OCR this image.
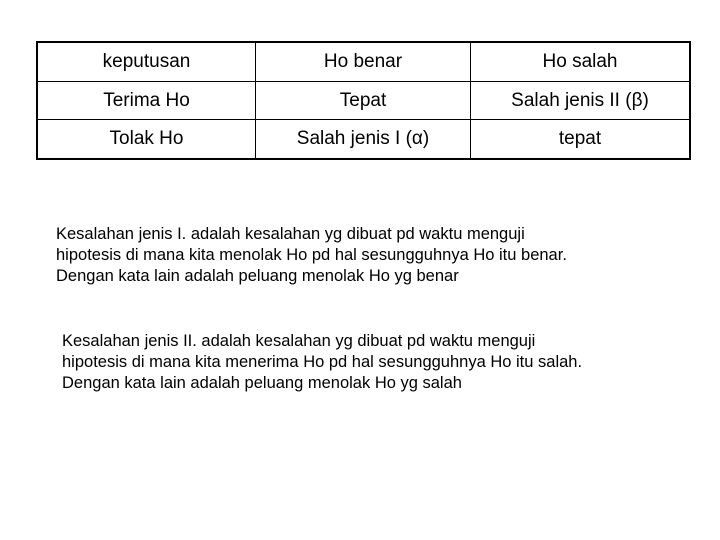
keputusan	Ho benar	Ho salah
Terima Ho	Tepat	Salah jenis II (β)
Tolak Ho	Salah jenis I (α)	tepat

Kesalahan jenis I. adalah kesalahan yg dibuat pd waktu menguji
hipotesis di mana kita menolak Ho pd hal sesungguhnya Ho itu benar.
Dengan kata lain adalah peluang menolak Ho yg benar

Kesalahan jenis II. adalah kesalahan yg dibuat pd waktu menguji
hipotesis di mana kita menerima Ho pd hal sesungguhnya Ho itu salah.
Dengan kata lain adalah peluang menolak Ho yg salah
